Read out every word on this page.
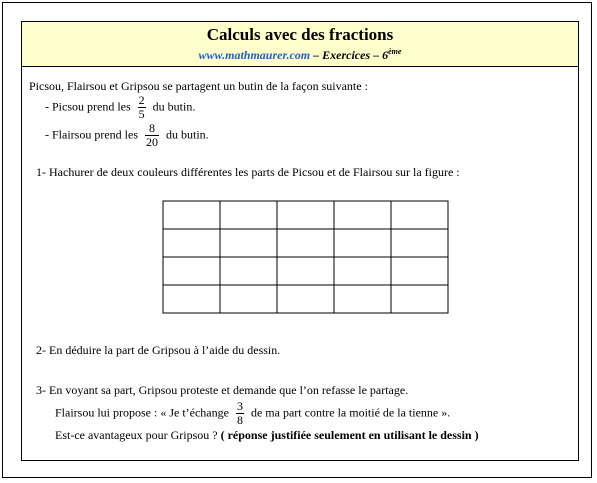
Calculs avec des fractions
www.mathmaurer.com – Exercices – 6ème
Picsou, Flairsou et Gripsou se partagent un butin de la façon suivante :
- Picsou prend les $\frac{2}{5}$ du butin.
- Flairsou prend les $\frac{8}{20}$ du butin.
1- Hachurer de deux couleurs différentes les parts de Picsou et de Flairsou sur la figure :
2- En déduire la part de Gripsou à l’aide du dessin.
3- En voyant sa part, Gripsou proteste et demande que l’on refasse le partage.
Flairsou lui propose : « Je t’échange $\frac{3}{8}$ de ma part contre la moitié de la tienne ».
Est-ce avantageux pour Gripsou ? ( réponse justifiée seulement en utilisant le dessin )
